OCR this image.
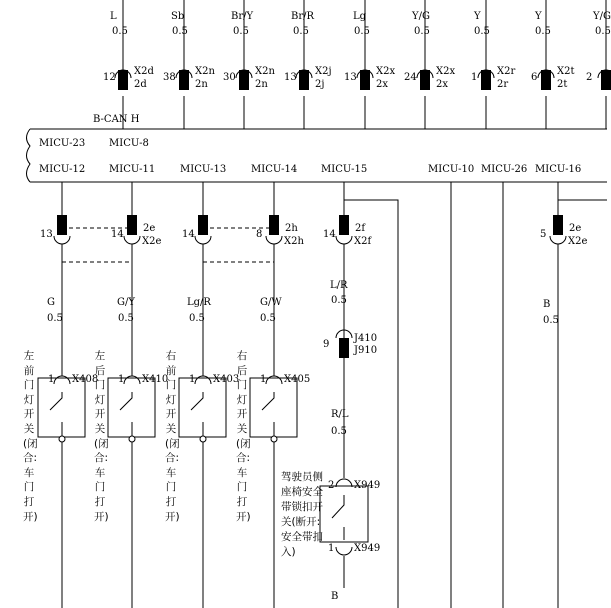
L
0.5
Sb
0.5
Br/Y
0.5
Br/R
0.5
Lg
0.5
Y/G
0.5
Y
0.5
Y
0.5
Y/G
0.5
12
X2d
2d
38
X2n
2n
30
X2n
2n
13
X2j
2j
13
X2x
2x
24
X2x
2x
1
X2r
2r
6
X2t
2t
2
B-CAN H
MICU-23 MICU-8
MICU-12 MICU-11 MICU-13 MICU-14 MICU-15	MICU-10 MICU-26 MICU-16
13	14
2e
X2e
14	8
2h
X2h
14
2f
X2f
5
2e
X2e
G
0.5
G/Y
0.5
Lg/R
0.5
G/W
0.5
B
0.5
L/R
0.5
9
J410
J910
R/L
0.5
1 X408 1 X410 1 X403 1 X405
左前门灯开关(闭合:车门打开)
左后门灯开关(闭合:车门打开)
右前门灯开关(闭合:车门打开)
右后门灯开关(闭合:车门打开)
驾驶员侧座椅安全带锁扣开关(断开: 安全带扣入)
2 X949
1 X949
B
